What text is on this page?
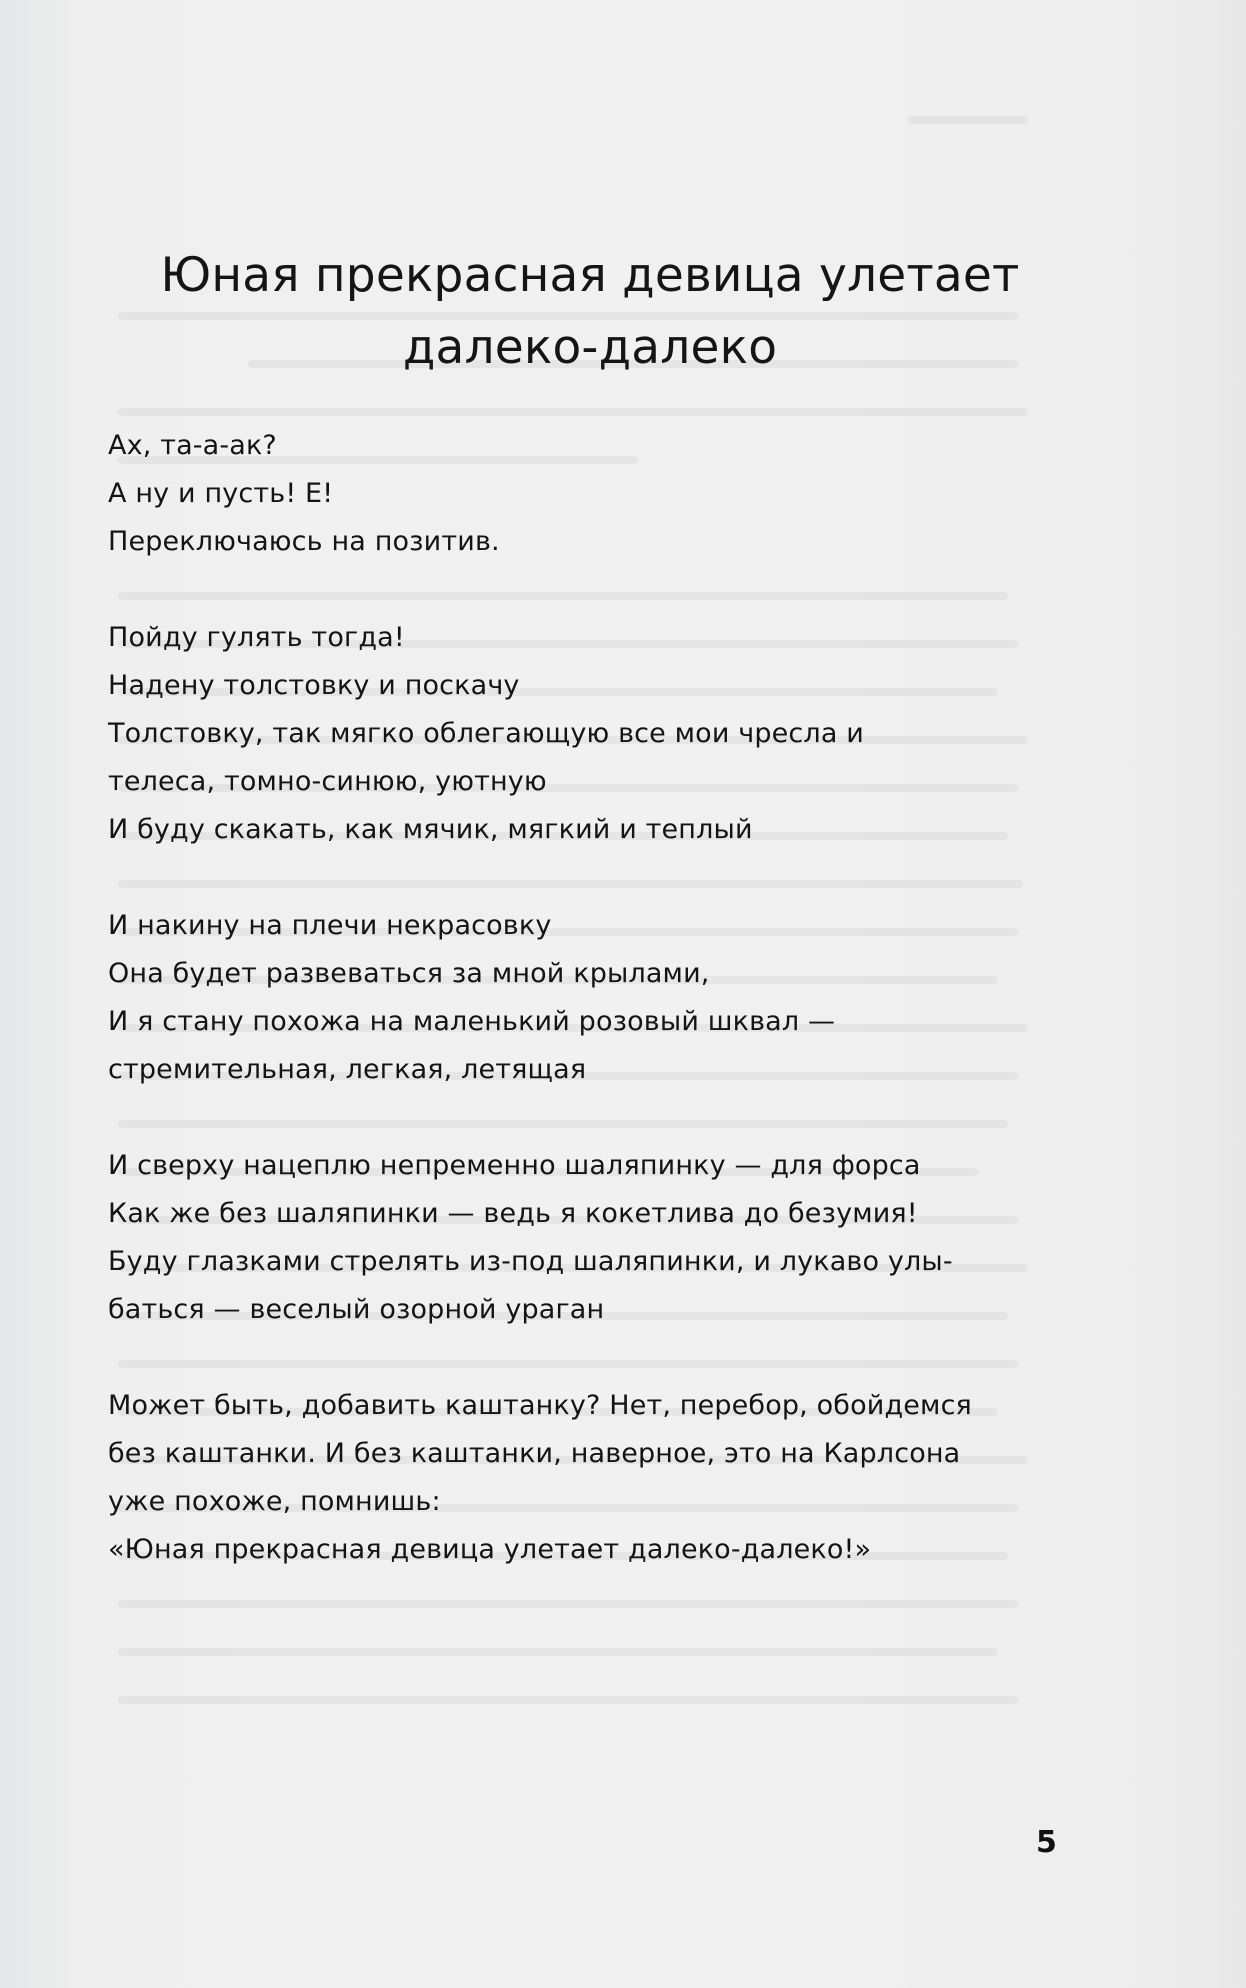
Юная прекрасная девица улетает
далеко-далеко

Ах, та-а-ак?
А ну и пусть! Е!
Переключаюсь на позитив.

Пойду гулять тогда!
Надену толстовку и поскачу
Толстовку, так мягко облегающую все мои чресла и
телеса, томно-синюю, уютную
И буду скакать, как мячик, мягкий и теплый

И накину на плечи некрасовку
Она будет развеваться за мной крылами,
И я стану похожа на маленький розовый шквал —
стремительная, легкая, летящая

И сверху нацеплю непременно шаляпинку — для форса
Как же без шаляпинки — ведь я кокетлива до безумия!
Буду глазками стрелять из-под шаляпинки, и лукаво улы-
баться — веселый озорной ураган

Может быть, добавить каштанку? Нет, перебор, обойдемся
без каштанки. И без каштанки, наверное, это на Карлсона
уже похоже, помнишь:
«Юная прекрасная девица улетает далеко-далеко!»

5
